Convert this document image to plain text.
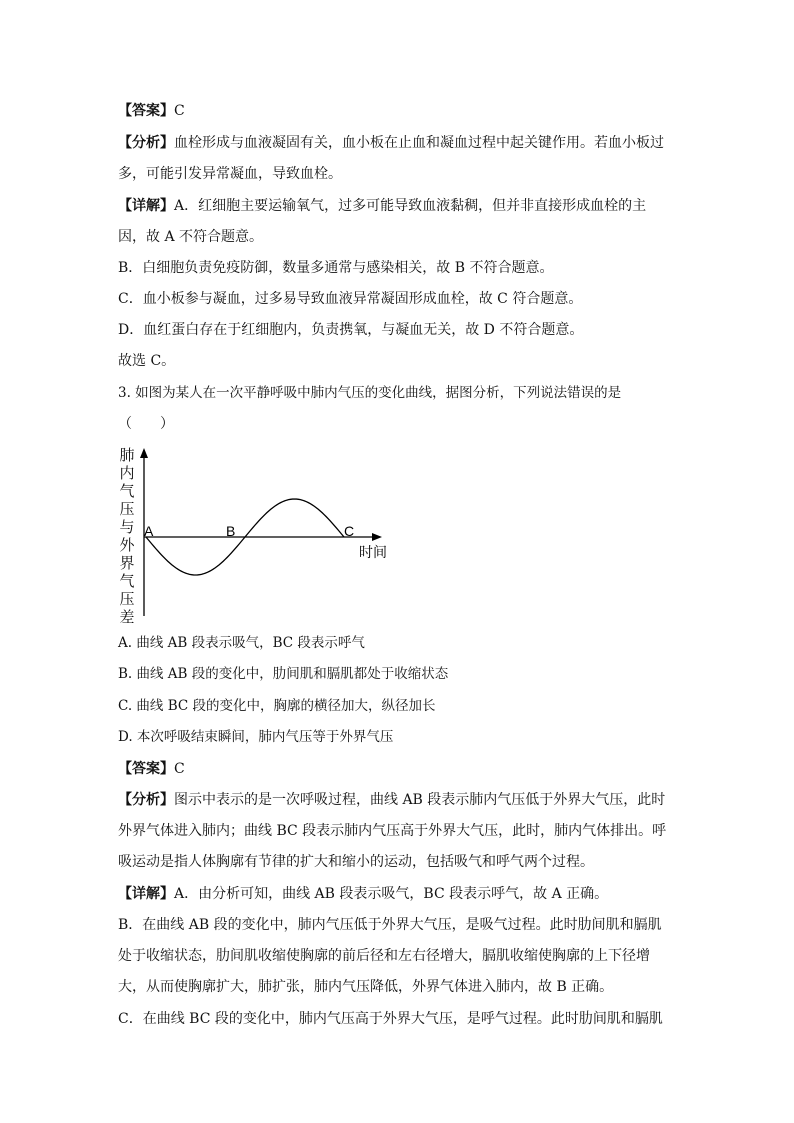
【答案】C
【分析】血栓形成与血液凝固有关，血小板在止血和凝血过程中起关键作用。若血小板过
多，可能引发异常凝血，导致血栓。
【详解】A．红细胞主要运输氧气，过多可能导致血液黏稠，但并非直接形成血栓的主
因，故 A 不符合题意。
B．白细胞负责免疫防御，数量多通常与感染相关，故 B 不符合题意。
C．血小板参与凝血，过多易导致血液异常凝固形成血栓，故 C 符合题意。
D．血红蛋白存在于红细胞内，负责携氧，与凝血无关，故 D 不符合题意。
故选 C。
3. 如图为某人在一次平静呼吸中肺内气压的变化曲线，据图分析，下列说法错误的是
（　　）
肺内气压与外界气压差
A	B	C
时间
A. 曲线 AB 段表示吸气，BC 段表示呼气
B. 曲线 AB 段的变化中，肋间肌和膈肌都处于收缩状态
C. 曲线 BC 段的变化中，胸廓的横径加大，纵径加长
D. 本次呼吸结束瞬间，肺内气压等于外界气压
【答案】C
【分析】图示中表示的是一次呼吸过程，曲线 AB 段表示肺内气压低于外界大气压，此时
外界气体进入肺内；曲线 BC 段表示肺内气压高于外界大气压，此时，肺内气体排出。呼
吸运动是指人体胸廓有节律的扩大和缩小的运动，包括吸气和呼气两个过程。
【详解】A．由分析可知，曲线 AB 段表示吸气，BC 段表示呼气，故 A 正确。
B．在曲线 AB 段的变化中，肺内气压低于外界大气压，是吸气过程。此时肋间肌和膈肌
处于收缩状态，肋间肌收缩使胸廓的前后径和左右径增大，膈肌收缩使胸廓的上下径增
大，从而使胸廓扩大，肺扩张，肺内气压降低，外界气体进入肺内，故 B 正确。
C．在曲线 BC 段的变化中，肺内气压高于外界大气压，是呼气过程。此时肋间肌和膈肌
